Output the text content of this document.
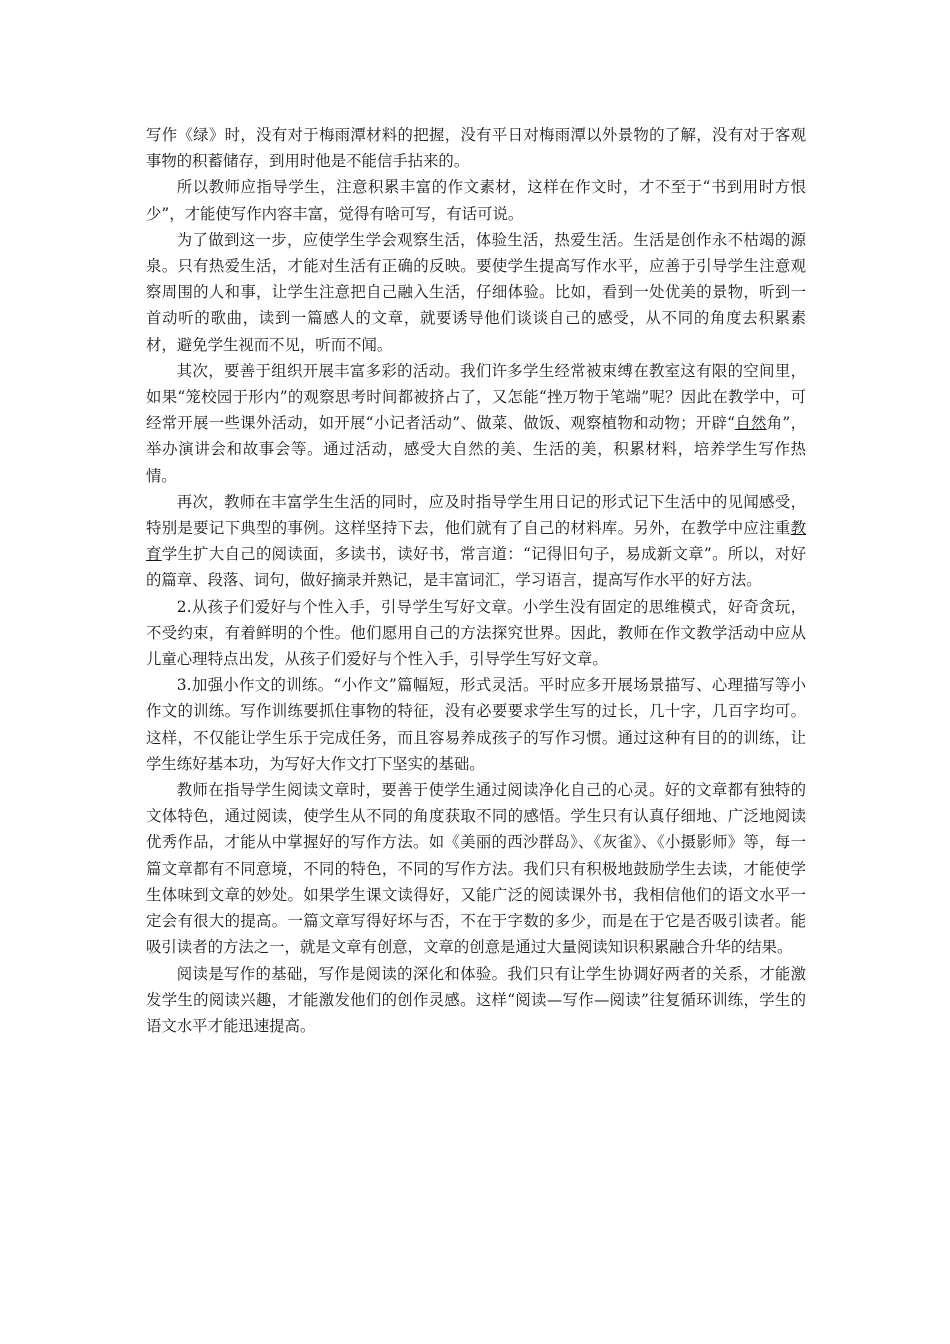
写作《绿》时，没有对于梅雨潭材料的把握，没有平日对梅雨潭以外景物的了解，没有对于客观事物的积蓄储存，到用时他是不能信手拈来的。

所以教师应指导学生，注意积累丰富的作文素材，这样在作文时，才不至于“书到用时方恨少”，才能使写作内容丰富，觉得有啥可写，有话可说。

为了做到这一步，应使学生学会观察生活，体验生活，热爱生活。生活是创作永不枯竭的源泉。只有热爱生活，才能对生活有正确的反映。要使学生提高写作水平，应善于引导学生注意观察周围的人和事，让学生注意把自己融入生活，仔细体验。比如，看到一处优美的景物，听到一首动听的歌曲，读到一篇感人的文章，就要诱导他们谈谈自己的感受，从不同的角度去积累素材，避免学生视而不见，听而不闻。

其次，要善于组织开展丰富多彩的活动。我们许多学生经常被束缚在教室这有限的空间里，如果“笼校园于形内”的观察思考时间都被挤占了，又怎能“挫万物于笔端”呢？因此在教学中，可经常开展一些课外活动，如开展“小记者活动”、做菜、做饭、观察植物和动物；开辟“自然角”，举办演讲会和故事会等。通过活动，感受大自然的美、生活的美，积累材料，培养学生写作热情。

再次，教师在丰富学生生活的同时，应及时指导学生用日记的形式记下生活中的见闻感受，特别是要记下典型的事例。这样坚持下去，他们就有了自己的材料库。另外，在教学中应注重教育学生扩大自己的阅读面，多读书，读好书，常言道：“记得旧句子，易成新文章”。所以，对好的篇章、段落、词句，做好摘录并熟记，是丰富词汇，学习语言，提高写作水平的好方法。

2.从孩子们爱好与个性入手，引导学生写好文章。小学生没有固定的思维模式，好奇贪玩，不受约束，有着鲜明的个性。他们愿用自己的方法探究世界。因此，教师在作文教学活动中应从儿童心理特点出发，从孩子们爱好与个性入手，引导学生写好文章。

3.加强小作文的训练。“小作文”篇幅短，形式灵活。平时应多开展场景描写、心理描写等小作文的训练。写作训练要抓住事物的特征，没有必要要求学生写的过长，几十字，几百字均可。这样，不仅能让学生乐于完成任务，而且容易养成孩子的写作习惯。通过这种有目的的训练，让学生练好基本功，为写好大作文打下坚实的基础。

教师在指导学生阅读文章时，要善于使学生通过阅读净化自己的心灵。好的文章都有独特的文体特色，通过阅读，使学生从不同的角度获取不同的感悟。学生只有认真仔细地、广泛地阅读优秀作品，才能从中掌握好的写作方法。如《美丽的西沙群岛》、《灰雀》、《小摄影师》等，每一篇文章都有不同意境，不同的特色，不同的写作方法。我们只有积极地鼓励学生去读，才能使学生体味到文章的妙处。如果学生课文读得好，又能广泛的阅读课外书，我相信他们的语文水平一定会有很大的提高。一篇文章写得好坏与否，不在于字数的多少，而是在于它是否吸引读者。能吸引读者的方法之一，就是文章有创意，文章的创意是通过大量阅读知识积累融合升华的结果。

阅读是写作的基础，写作是阅读的深化和体验。我们只有让学生协调好两者的关系，才能激发学生的阅读兴趣，才能激发他们的创作灵感。这样“阅读—写作—阅读”往复循环训练，学生的语文水平才能迅速提高。
